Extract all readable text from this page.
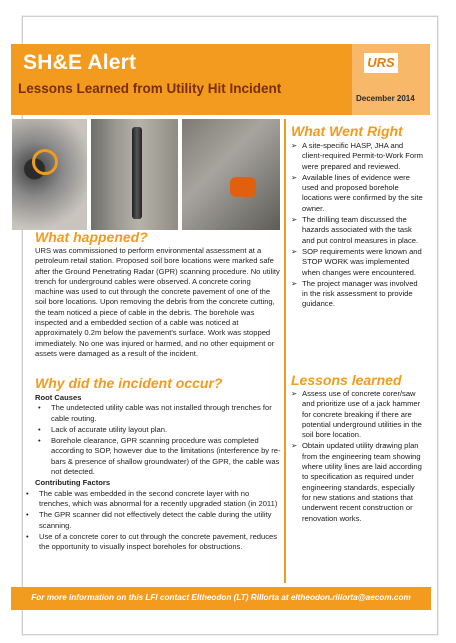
SH&E Alert
Lessons Learned from Utility Hit Incident
URS
December 2014
What happened?
URS was commissioned to perform environmental assessment at a petroleum retail station. Proposed soil bore locations were marked safe after the Ground Penetrating Radar (GPR) scanning procedure. No utility trench for underground cables were observed. A concrete coring machine was used to cut through the concrete pavement of one of the soil bore locations. Upon removing the debris from the concrete cutting, the team noticed a piece of cable in the debris. The borehole was inspected and a embedded section of a cable was noticed at approximately 0.2m below the pavement's surface. Work was stopped immediately. No one was injured or harmed, and no other equipment or assets were damaged as a result of the incident.
Why did the incident occur?
Root Causes
• The undetected utility cable was not installed through trenches for cable routing.
• Lack of accurate utility layout plan.
• Borehole clearance, GPR scanning procedure was completed according to SOP, however due to the limitations (interference by re-bars & presence of shallow groundwater) of the GPR, the cable was not detected.
Contributing Factors
• The cable was embedded in the second concrete layer with no trenches, which was abnormal for a recently upgraded station (in 2011)
• The GPR scanner did not effectively detect the cable during the utility scanning.
• Use of a concrete corer to cut through the concrete pavement, reduces the opportunity to visually inspect boreholes for obstructions.
What Went Right
➢ A site-specific HASP, JHA and client-required Permit-to-Work Form were prepared and reviewed.
➢ Available lines of evidence were used and proposed borehole locations were confirmed by the site owner.
➢ The drilling team discussed the hazards associated with the task and put control measures in place.
➢ SOP requirements were known and STOP WORK was implemented when changes were encountered.
➢ The project manager was involved in the risk assessment to provide guidance.
Lessons learned
➢ Assess use of concrete corer/saw and prioritize use of a jack hammer for concrete breaking if there are potential underground utilities in the soil bore location.
➢ Obtain updated utility drawing plan from the engineering team showing where utility lines are laid according to specification as required under engineering standards, especially for new stations and stations that underwent recent construction or renovation works.
For more information on this LFI contact Eltheodon (LT) Rillorta at eltheodon.rillorta@aecom.com
